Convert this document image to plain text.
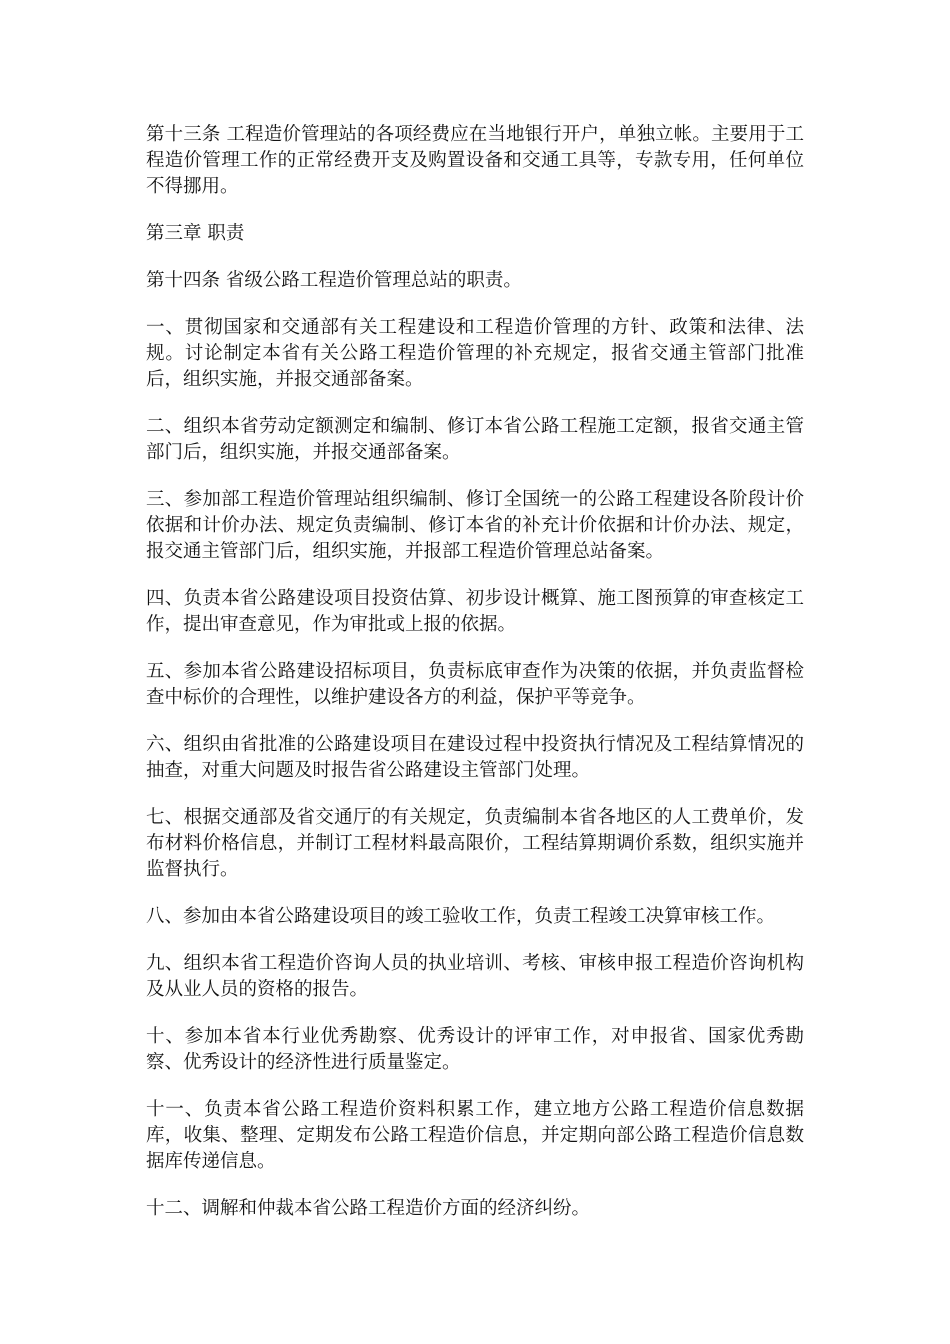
第十三条 工程造价管理站的各项经费应在当地银行开户，单独立帐。主要用于工程造价管理工作的正常经费开支及购置设备和交通工具等，专款专用，任何单位不得挪用。

第三章 职责

第十四条 省级公路工程造价管理总站的职责。

一、贯彻国家和交通部有关工程建设和工程造价管理的方针、政策和法律、法规。讨论制定本省有关公路工程造价管理的补充规定，报省交通主管部门批准后，组织实施，并报交通部备案。

二、组织本省劳动定额测定和编制、修订本省公路工程施工定额，报省交通主管部门后，组织实施，并报交通部备案。

三、参加部工程造价管理站组织编制、修订全国统一的公路工程建设各阶段计价依据和计价办法、规定负责编制、修订本省的补充计价依据和计价办法、规定，报交通主管部门后，组织实施，并报部工程造价管理总站备案。

四、负责本省公路建设项目投资估算、初步设计概算、施工图预算的审查核定工作，提出审查意见，作为审批或上报的依据。

五、参加本省公路建设招标项目，负责标底审查作为决策的依据，并负责监督检查中标价的合理性，以维护建设各方的利益，保护平等竞争。

六、组织由省批准的公路建设项目在建设过程中投资执行情况及工程结算情况的抽查，对重大问题及时报告省公路建设主管部门处理。

七、根据交通部及省交通厅的有关规定，负责编制本省各地区的人工费单价，发布材料价格信息，并制订工程材料最高限价，工程结算期调价系数，组织实施并监督执行。

八、参加由本省公路建设项目的竣工验收工作，负责工程竣工决算审核工作。

九、组织本省工程造价咨询人员的执业培训、考核、审核申报工程造价咨询机构及从业人员的资格的报告。

十、参加本省本行业优秀勘察、优秀设计的评审工作，对申报省、国家优秀勘察、优秀设计的经济性进行质量鉴定。

十一、负责本省公路工程造价资料积累工作，建立地方公路工程造价信息数据库，收集、整理、定期发布公路工程造价信息，并定期向部公路工程造价信息数据库传递信息。

十二、调解和仲裁本省公路工程造价方面的经济纠纷。
